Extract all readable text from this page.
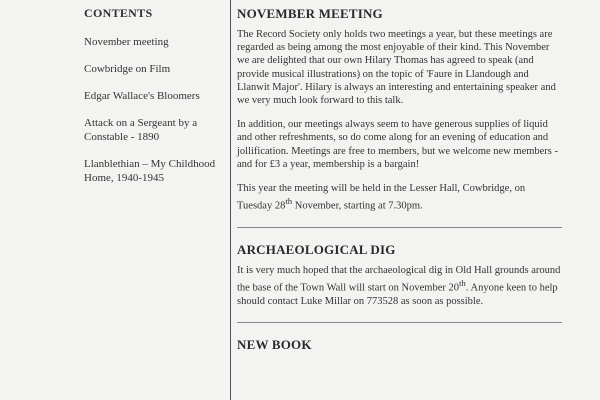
CONTENTS
November meeting
Cowbridge on Film
Edgar Wallace's Bloomers
Attack on a Sergeant by a Constable - 1890
Llanblethian – My Childhood Home, 1940-1945
NOVEMBER MEETING

The Record Society only holds two meetings a year, but these meetings are regarded as being among the most enjoyable of their kind. This November we are delighted that our own Hilary Thomas has agreed to speak (and provide musical illustrations) on the topic of 'Faure in Llandough and Llanwit Major'. Hilary is always an interesting and entertaining speaker and we very much look forward to this talk.

In addition, our meetings always seem to have generous supplies of liquid and other refreshments, so do come along for an evening of education and jollification. Meetings are free to members, but we welcome new members - and for £3 a year, membership is a bargain!

This year the meeting will be held in the Lesser Hall, Cowbridge, on Tuesday 28th November, starting at 7.30pm.

ARCHAEOLOGICAL DIG

It is very much hoped that the archaeological dig in Old Hall grounds around the base of the Town Wall will start on November 20th. Anyone keen to help should contact Luke Millar on 773528 as soon as possible.

NEW BOOK
